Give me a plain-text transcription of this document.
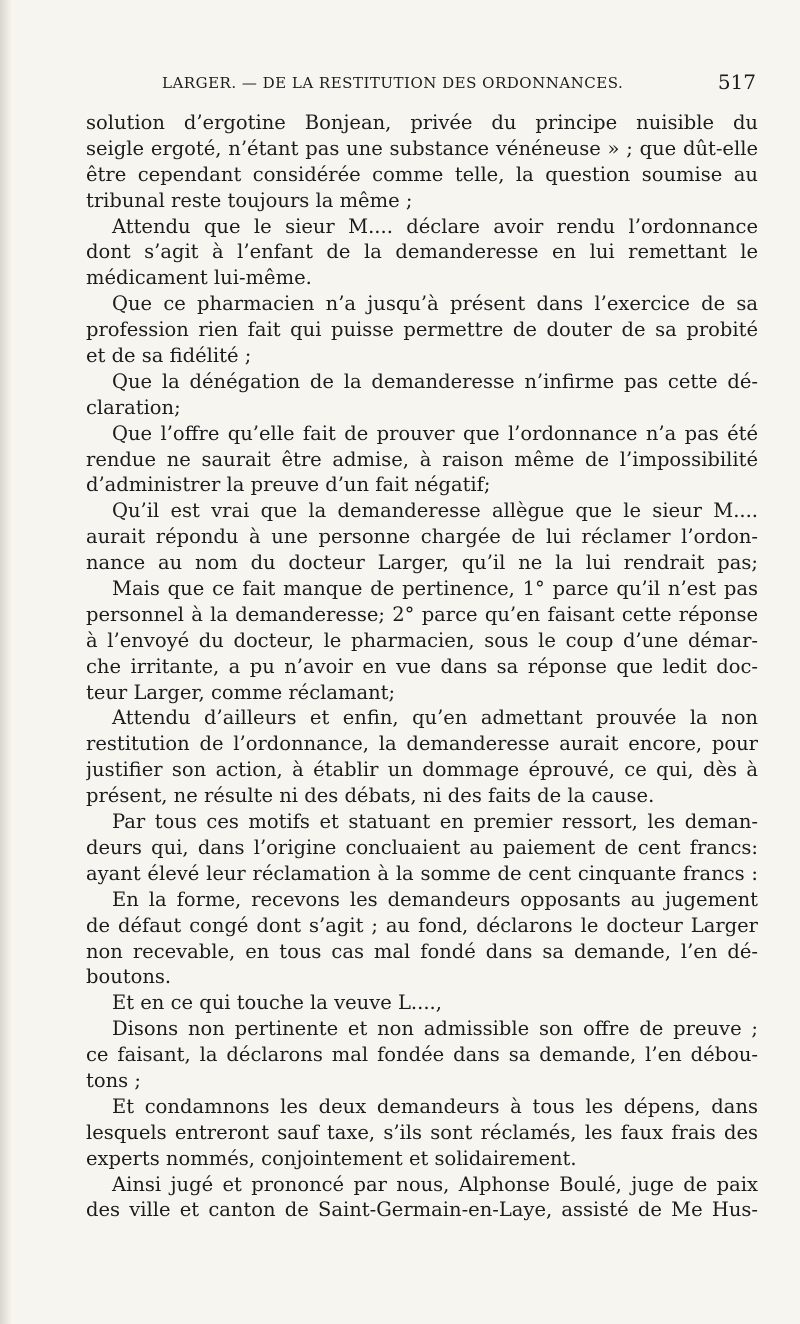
LARGER. — DE LA RESTITUTION DES ORDONNANCES.	517
solution d’ergotine Bonjean, privée du principe nuisible du
seigle ergoté, n’étant pas une substance vénéneuse » ; que dût-elle
être cependant considérée comme telle, la question soumise au
tribunal reste toujours la même ;
Attendu que le sieur M.... déclare avoir rendu l’ordonnance
dont s’agit à l’enfant de la demanderesse en lui remettant le
médicament lui-même.
Que ce pharmacien n’a jusqu’à présent dans l’exercice de sa
profession rien fait qui puisse permettre de douter de sa probité
et de sa fidélité ;
Que la dénégation de la demanderesse n’infirme pas cette dé-
claration;
Que l’offre qu’elle fait de prouver que l’ordonnance n’a pas été
rendue ne saurait être admise, à raison même de l’impossibilité
d’administrer la preuve d’un fait négatif;
Qu’il est vrai que la demanderesse allègue que le sieur M....
aurait répondu à une personne chargée de lui réclamer l’ordon-
nance au nom du docteur Larger, qu’il ne la lui rendrait pas;
Mais que ce fait manque de pertinence, 1° parce qu’il n’est pas
personnel à la demanderesse; 2° parce qu’en faisant cette réponse
à l’envoyé du docteur, le pharmacien, sous le coup d’une démar-
che irritante, a pu n’avoir en vue dans sa réponse que ledit doc-
teur Larger, comme réclamant;
Attendu d’ailleurs et enfin, qu’en admettant prouvée la non
restitution de l’ordonnance, la demanderesse aurait encore, pour
justifier son action, à établir un dommage éprouvé, ce qui, dès à
présent, ne résulte ni des débats, ni des faits de la cause.
Par tous ces motifs et statuant en premier ressort, les deman-
deurs qui, dans l’origine concluaient au paiement de cent francs:
ayant élevé leur réclamation à la somme de cent cinquante francs :
En la forme, recevons les demandeurs opposants au jugement
de défaut congé dont s’agit ; au fond, déclarons le docteur Larger
non recevable, en tous cas mal fondé dans sa demande, l’en dé-
boutons.
Et en ce qui touche la veuve L....,
Disons non pertinente et non admissible son offre de preuve ;
ce faisant, la déclarons mal fondée dans sa demande, l’en débou-
tons ;
Et condamnons les deux demandeurs à tous les dépens, dans
lesquels entreront sauf taxe, s’ils sont réclamés, les faux frais des
experts nommés, conjointement et solidairement.
Ainsi jugé et prononcé par nous, Alphonse Boulé, juge de paix
des ville et canton de Saint-Germain-en-Laye, assisté de Me Hus-
